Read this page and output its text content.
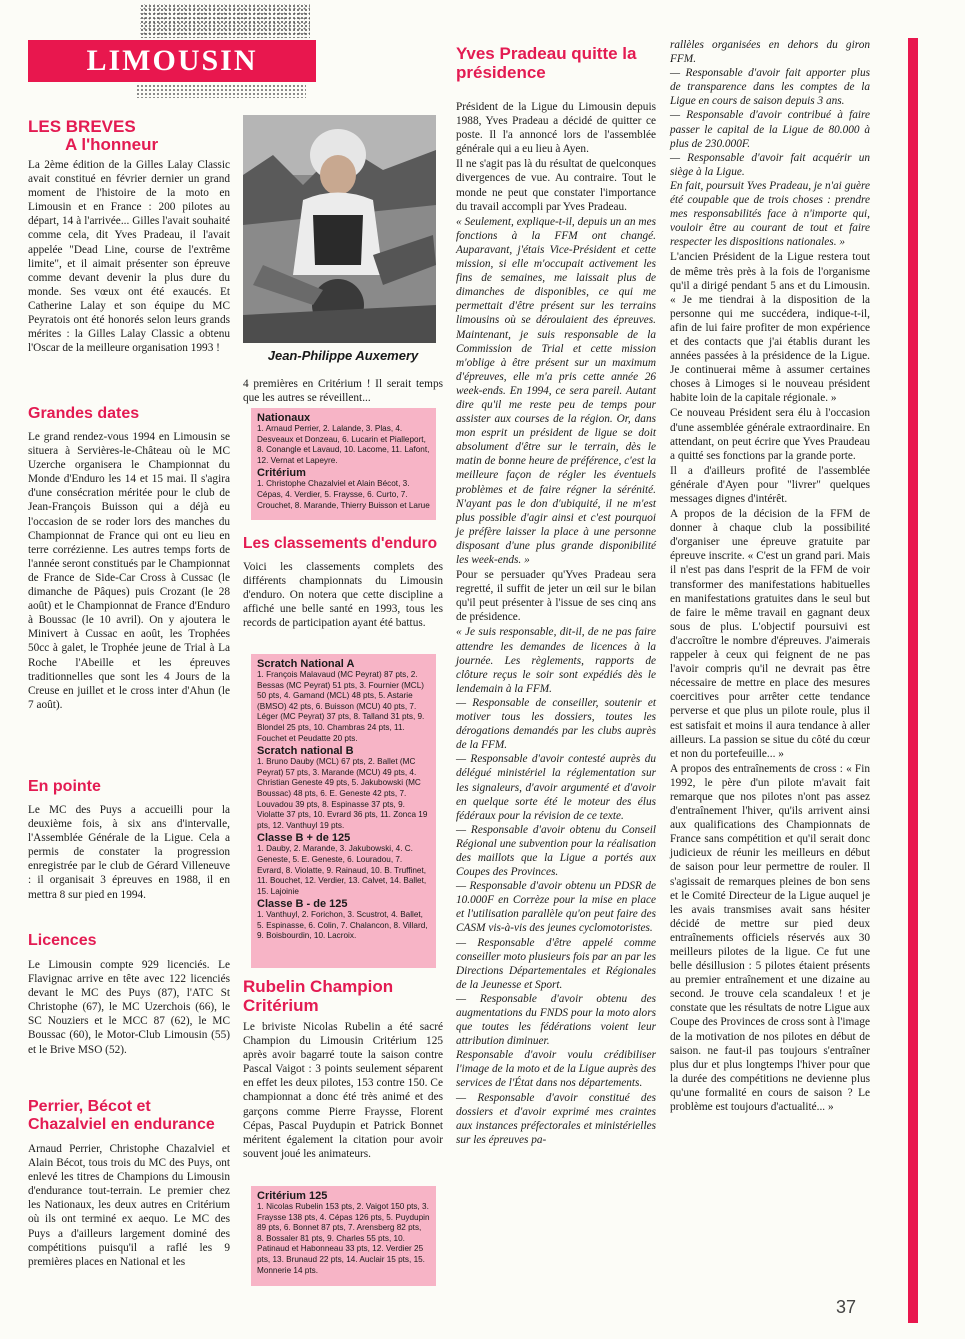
LIMOUSIN
LES BREVES
A l'honneur

La 2ème édition de la Gilles Lalay Classic avait constitué en février dernier un grand moment de l'histoire de la moto en Limousin et en France : 200 pilotes au départ, 14 à l'arrivée... Gilles l'avait souhaité comme cela, dit Yves Pradeau, il l'avait appelée "Dead Line, course de l'extrême limite", et il aimait présenter son épreuve comme devant devenir la plus dure du monde. Ses vœux ont été exaucés. Et Catherine Lalay et son équipe du MC Peyratois ont été honorés selon leurs grands mérites : la Gilles Lalay Classic a obtenu l'Oscar de la meilleure organisation 1993 !

Grandes dates

Le grand rendez-vous 1994 en Limousin se situera à Servières-le-Château où le MC Uzerche organisera le Championnat du Monde d'Enduro les 14 et 15 mai. Il s'agira d'une consécration méritée pour le club de Jean-François Buisson qui a déjà eu l'occasion de se roder lors des manches du Championnat de France qui ont eu lieu en terre corrézienne. Les autres temps forts de l'année seront constitués par le Championnat de France de Side-Car Cross à Cussac (le dimanche de Pâques) puis Crozant (le 28 août) et le Championnat de France d'Enduro à Boussac (le 10 avril). On y ajoutera le Minivert à Cussac en août, les Trophées 50cc à galet, le Trophée jeune de Trial à La Roche l'Abeille et les épreuves traditionnelles que sont les 4 Jours de la Creuse en juillet et le cross inter d'Ahun (le 7 août).

En pointe

Le MC des Puys a accueilli pour la deuxième fois, à six ans d'intervalle, l'Assemblée Générale de la Ligue. Cela a permis de constater la progression enregistrée par le club de Gérard Villeneuve : il organisait 3 épreuves en 1988, il en mettra 8 sur pied en 1994.

Licences

Le Limousin compte 929 licenciés. Le Flavignac arrive en tête avec 122 licenciés devant le MC des Puys (87), l'ATC St Christophe (67), le MC Uzerchois (66), le SC Nouziers et le MCC 87 (62), le MC Boussac (60), le Motor-Club Limousin (55) et le Brive MSO (52).

Perrier, Bécot et Chazalviel en endurance

Arnaud Perrier, Christophe Chazalviel et Alain Bécot, tous trois du MC des Puys, ont enlevé les titres de Champions du Limousin d'endurance tout-terrain. Le premier chez les Nationaux, les deux autres en Critérium où ils ont terminé ex aequo. Le MC des Puys a d'ailleurs largement dominé des compétitions puisqu'il a raflé les 9 premières places en National et les

Jean-Philippe Auxemery

4 premières en Critérium ! Il serait temps que les autres se réveillent...

Nationaux

1. Arnaud Perrier, 2. Lalande, 3. Plas, 4. Desveaux et Donzeau, 6. Lucarin et Pialleport, 8. Conangle et Lavaud, 10. Lacome, 11. Lafont, 12. Vernat et Lapeyre.

Critérium

1. Christophe Chazalviel et Alain Bécot, 3. Cépas, 4. Verdier, 5. Fraysse, 6. Curto, 7. Crouchet, 8. Marande, Thierry Buisson et Larue

Les classements d'enduro

Voici les classements complets des différents championnats du Limousin d'enduro. On notera que cette discipline a affiché une belle santé en 1993, tous les records de participation ayant été battus.

Scratch National A

1. François Malavaud (MC Peyrat) 87 pts, 2. Bessas (MC Peyrat) 51 pts, 3. Fournier (MCL) 50 pts, 4. Gamand (MCL) 48 pts, 5. Astarie (BMSO) 42 pts, 6. Buisson (MCU) 40 pts, 7. Léger (MC Peyrat) 37 pts, 8. Talland 31 pts, 9. Blondel 25 pts, 10. Chambras 24 pts, 11. Fouchet et Peudatte 20 pts.

Scratch national B

1. Bruno Dauby (MCL) 67 pts, 2. Ballet (MC Peyrat) 57 pts, 3. Marande (MCU) 49 pts, 4. Christian Geneste 49 pts, 5. Jakubowski (MC Boussac) 48 pts, 6. E. Geneste 42 pts, 7. Louvadou 39 pts, 8. Espinasse 37 pts, 9. Violatte 37 pts, 10. Evrard 36 pts, 11. Zonca 19 pts, 12. Vanthuyl 19 pts.

Classe B + de 125

1. Dauby, 2. Marande, 3. Jakubowski, 4. C. Geneste, 5. E. Geneste, 6. Louradou, 7. Evrard, 8. Violatte, 9. Rainaud, 10. B. Truffinet, 11. Bouchet, 12. Verdier, 13. Calvet, 14. Ballet, 15. Lajoinie

Classe B - de 125

1. Vanthuyl, 2. Forichon, 3. Scustrot, 4. Ballet, 5. Espinasse, 6. Colin, 7. Chalancon, 8. Villard, 9. Boisbourdin, 10. Lacroix.

Rubelin Champion Critérium

Le briviste Nicolas Rubelin a été sacré Champion du Limousin Critérium 125 après avoir bagarré toute la saison contre Pascal Vaigot : 3 points seulement séparent en effet les deux pilotes, 153 contre 150. Ce championnat a donc été très animé et des garçons comme Pierre Fraysse, Florent Cépas, Pascal Puydupin et Patrick Bonnet méritent également la citation pour avoir souvent joué les animateurs.

Critérium 125

1. Nicolas Rubelin 153 pts, 2. Vaigot 150 pts, 3. Fraysse 138 pts, 4. Cépas 126 pts, 5. Puydupin 89 pts, 6. Bonnet 87 pts, 7. Arensberg 82 pts, 8. Bossaler 81 pts, 9. Charles 55 pts, 10. Patinaud et Habonneau 33 pts, 12. Verdier 25 pts, 13. Brunaud 22 pts, 14. Auclair 15 pts, 15. Monnerie 14 pts.

Yves Pradeau quitte la présidence

Président de la Ligue du Limousin depuis 1988, Yves Pradeau a décidé de quitter ce poste. Il l'a annoncé lors de l'assemblée générale qui a eu lieu à Ayen.

Il ne s'agit pas là du résultat de quelconques divergences de vue. Au contraire. Tout le monde ne peut que constater l'importance du travail accompli par Yves Pradeau.

« Seulement, explique-t-il, depuis un an mes fonctions à la FFM ont changé. Auparavant, j'étais Vice-Président et cette mission, si elle m'occupait activement les fins de semaines, me laissait plus de dimanches de disponibles, ce qui me permettait d'être présent sur les terrains limousins où se déroulaient des épreuves. Maintenant, je suis responsable de la Commission de Trial et cette mission m'oblige à être présent sur un maximum d'épreuves, elle m'a pris cette année 26 week-ends. En 1994, ce sera pareil. Autant dire qu'il me reste peu de temps pour assister aux courses de la région. Or, dans mon esprit un président de ligue se doit absolument d'être sur le terrain, dès le matin de bonne heure de préférence, c'est la meilleure façon de régler les éventuels problèmes et de faire régner la sérénité. N'ayant pas le don d'ubiquité, il ne m'est plus possible d'agir ainsi et c'est pourquoi je préfère laisser la place à une personne disposant d'une plus grande disponibilité les week-ends. »

Pour se persuader qu'Yves Pradeau sera regretté, il suffit de jeter un œil sur le bilan qu'il peut présenter à l'issue de ses cinq ans de présidence.

« Je suis responsable, dit-il, de ne pas faire attendre les demandes de licences à la journée. Les règlements, rapports de clôture reçus le soir sont expédiés dès le lendemain à la FFM.

— Responsable de conseiller, soutenir et motiver tous les dossiers, toutes les dérogations demandés par les clubs auprès de la FFM.

— Responsable d'avoir contesté auprès du délégué ministériel la réglementation sur les signaleurs, d'avoir argumenté et d'avoir en quelque sorte été le moteur des élus fédéraux pour la révision de ce texte.

— Responsable d'avoir obtenu du Conseil Régional une subvention pour la réalisation des maillots que la Ligue a portés aux Coupes des Provinces.

— Responsable d'avoir obtenu un PDSR de 10.000F en Corrèze pour la mise en place et l'utilisation parallèle qu'on peut faire des CASM vis-à-vis des jeunes cyclomotoristes.

— Responsable d'être appelé comme conseiller moto plusieurs fois par an par les Directions Départementales et Régionales de la Jeunesse et Sport.

— Responsable d'avoir obtenu des augmentations du FNDS pour la moto alors que toutes les fédérations voient leur attribution diminuer.

Responsable d'avoir voulu crédibiliser l'image de la moto et de la Ligue auprès des services de l'État dans nos départements.

— Responsable d'avoir constitué des dossiers et d'avoir exprimé mes craintes aux instances préfectorales et ministérielles sur les épreuves pa-

rallèles organisées en dehors du giron FFM.

— Responsable d'avoir fait apporter plus de transparence dans les comptes de la Ligue en cours de saison depuis 3 ans.

— Responsable d'avoir contribué à faire passer le capital de la Ligue de 80.000 à plus de 230.000F.

— Responsable d'avoir fait acquérir un siège à la Ligue.

En fait, poursuit Yves Pradeau, je n'ai guère été coupable que de trois choses : prendre mes responsabilités face à n'importe qui, vouloir être au courant de tout et faire respecter les dispositions nationales. »

L'ancien Président de la Ligue restera tout de même très près à la fois de l'organisme qu'il a dirigé pendant 5 ans et du Limousin. « Je me tiendrai à la disposition de la personne qui me succédera, indique-t-il, afin de lui faire profiter de mon expérience et des contacts que j'ai établis durant les années passées à la présidence de la Ligue. Je continuerai même à assumer certaines choses à Limoges si le nouveau président habite loin de la capitale régionale. »

Ce nouveau Président sera élu à l'occasion d'une assemblée générale extraordinaire. En attendant, on peut écrire que Yves Praudeau a quitté ses fonctions par la grande porte.

Il a d'ailleurs profité de l'assemblée générale d'Ayen pour "livrer" quelques messages dignes d'intérêt.

A propos de la décision de la FFM de donner à chaque club la possibilité d'organiser une épreuve gratuite par épreuve inscrite. « C'est un grand pari. Mais il n'est pas dans l'esprit de la FFM de voir transformer des manifestations habituelles en manifestations gratuites dans le seul but de faire le même travail en gagnant deux sous de plus. L'objectif poursuivi est d'accroître le nombre d'épreuves. J'aimerais rappeler à ceux qui feignent de ne pas l'avoir compris qu'il ne devrait pas être nécessaire de mettre en place des mesures coercitives pour arrêter cette tendance perverse et que plus un pilote roule, plus il est satisfait et moins il aura tendance à aller ailleurs. La passion se situe du côté du cœur et non du portefeuille... »

A propos des entraînements de cross : « Fin 1992, le père d'un pilote m'avait fait remarque que nos pilotes n'ont pas assez d'entraînement l'hiver, qu'ils arrivent ainsi aux qualifications des Championnats de France sans compétition et qu'il serait donc judicieux de réunir les meilleurs en début de saison pour leur permettre de rouler. Il s'agissait de remarques pleines de bon sens et le Comité Directeur de la Ligue auquel je les avais transmises avait sans hésiter décidé de mettre sur pied deux entraînements officiels réservés aux 30 meilleurs pilotes de la ligue. Ce fut une belle désillusion : 5 pilotes étaient présents au premier entraînement et une dizaine au second. Je trouve cela scandaleux ! et je constate que les résultats de notre Ligue aux Coupe des Provinces de cross sont à l'image de la motivation de nos pilotes en début de saison. ne faut-il pas toujours s'entraîner plus dur et plus longtemps l'hiver pour que la durée des compétitions ne devienne plus qu'une formalité en cours de saison ? Le problème est toujours d'actualité... »

37
